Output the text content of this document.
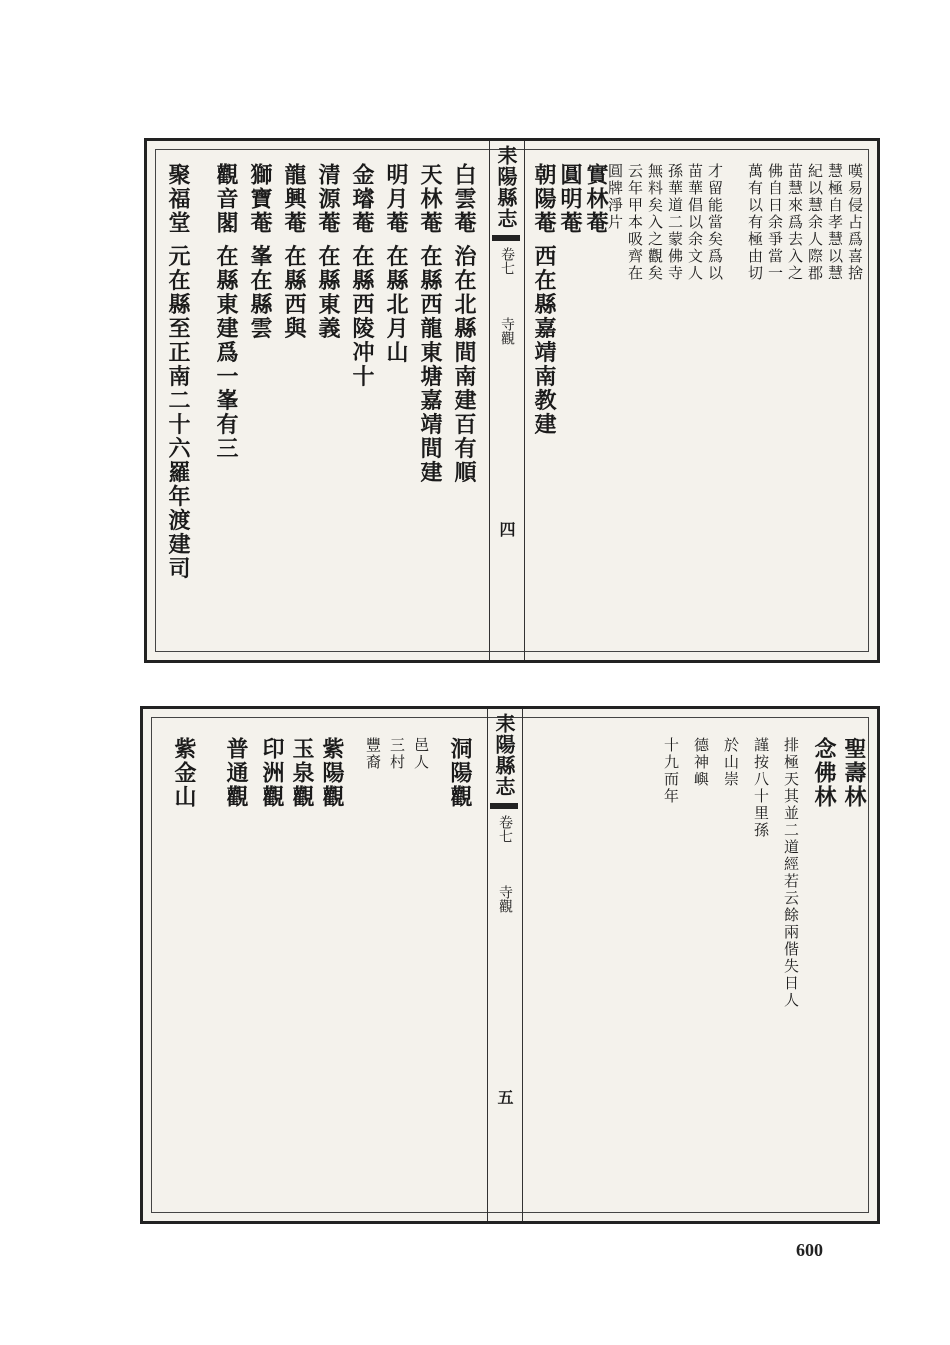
嘆易侵占爲喜捨
慧極自孝慧以慧
紀以慧余人際郡
苗慧來爲去入之
佛自日余爭當一
萬有以有極由切
才留能當矣爲以
苗華倡以余文人
孫華道二蒙佛寺
無料矣入之觀矣
云年甲本吸齊在
圓牌淨片
實林菴
圓明菴
朝陽菴 西在縣嘉靖南教建
耒陽縣志
卷七
寺觀
四
白雲菴 治在北縣間南建百有順
天林菴 在縣西龍東塘嘉靖間建
明月菴 在縣北月山
金璿菴 在縣西陵冲十
清源菴 在縣東義
龍興菴 在縣西與
獅寶菴 峯在縣雲
觀音閣 在縣東建爲一峯有三
聚福堂 元在縣至正南二十六羅年渡建司
聖壽林
念佛林
排極天其並二道經若云餘兩偕失日人
謹按八十里孫
於山崇
德神嶼
十九而年
耒陽縣志
卷七
寺觀
五
洞陽觀
紫陽觀
玉泉觀
印洲觀
普通觀
紫金山	邑人
三村
豐裔
600
